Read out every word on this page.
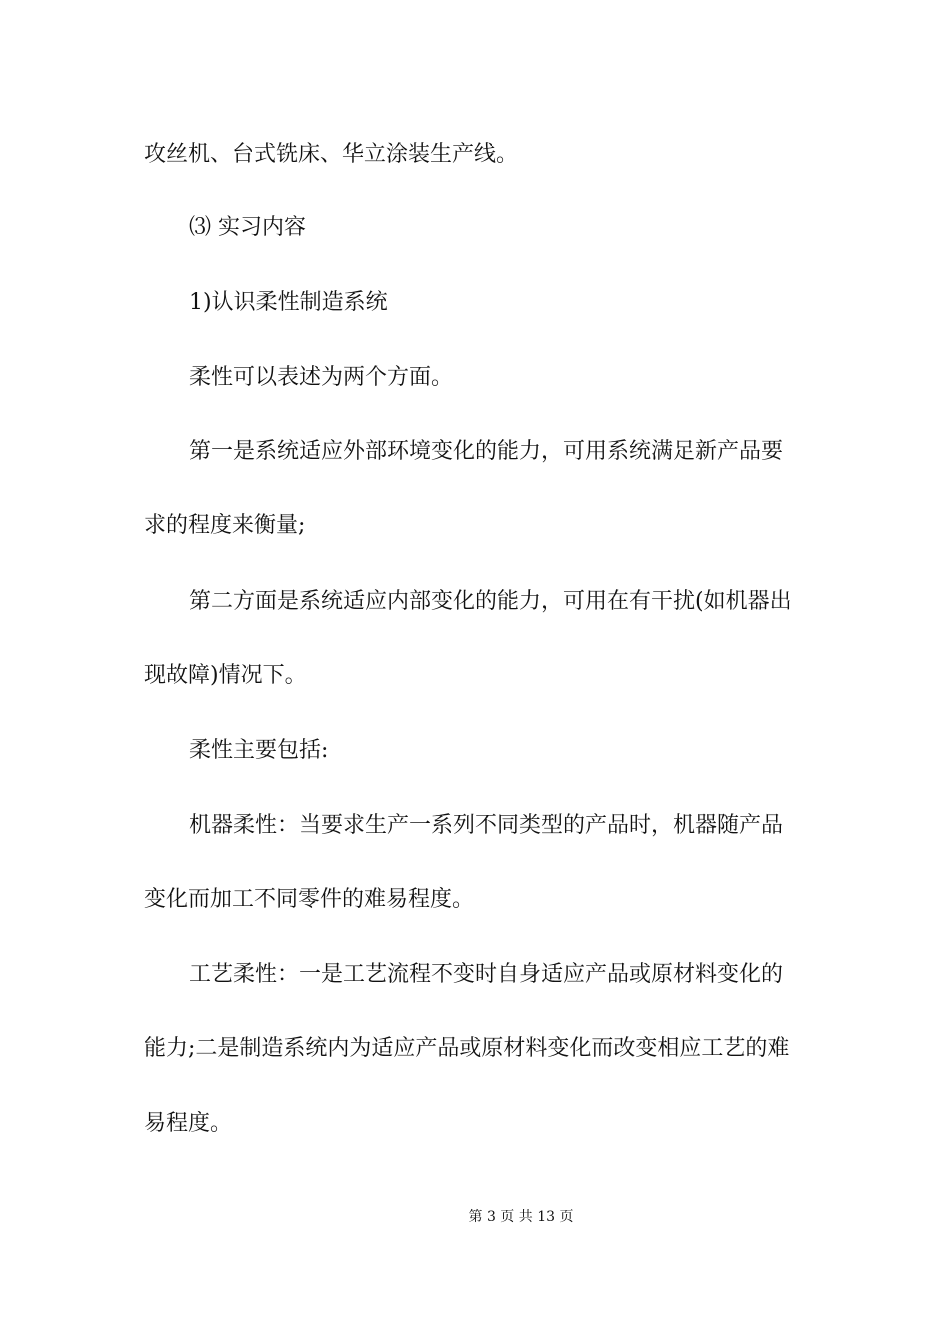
攻丝机、台式铣床、华立涂装生产线。
⑶ 实习内容
1)认识柔性制造系统
柔性可以表述为两个方面。
第一是系统适应外部环境变化的能力，可用系统满足新产品要
求的程度来衡量;
第二方面是系统适应内部变化的能力，可用在有干扰(如机器出
现故障)情况下。
柔性主要包括:
机器柔性：当要求生产一系列不同类型的产品时，机器随产品
变化而加工不同零件的难易程度。
工艺柔性：一是工艺流程不变时自身适应产品或原材料变化的
能力;二是制造系统内为适应产品或原材料变化而改变相应工艺的难
易程度。
第 3 页 共 13 页
